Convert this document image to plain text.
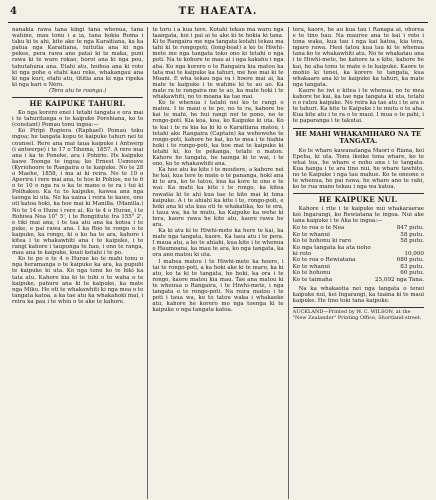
4	TE HAEATA.

nanakia rawa tana kingi tana whenua, tana wahine, mau tonu i a ia, tana hokia Roma i taku ki te ahi, kite ake te nga Karaitiana, ka ka patua nga Karaitiana, tuitutia ana ki nga pekee, pera rawa ano patai ki te maka, puni rawa ki te ware rokao, horoi ana ki nga pou, tahutahuna ana. Etahi atu, hoihoa ana ki roto ki nga pohe o etahi kau reke, whakangau ana ki nga kuri, etahi atu, tititia ana ki nga ripeka ki nga kari o Nero.

(Tera atu te roanga.)

HE KAIPUKE TAHURI.

Ko nga korero enei i tetahi tangata e ora mai i te tahuritanga o te kaipuke Porehiana, ko te (constant) Pomau tonu ingoa:—

Ko Piripi Ropiera (Raphael) Pomau toku ingoa; he tangata kopu te kaipuke tahuri nei te counsel. Rere ana mai taua kaipuke i Antwerp (i antwerpe) i te 17 o Tihema, 1857. A rere mai ana i ka te Poneke, ara i Pohirio. He kaipuke kawe Toonga te ingoa; ko Ernest Usmouve (Kyriohoore te Rangaira o te kaipuke. No te 28 o Maehe, 1858, i ma ai ki reira. No te 10 o Aperira i rere mai ana, te hoe ki Pohioe, no te 6 o te 10 o nga ra o ka te mano o te ra i tui ki Polihakeo. Ka tu to kaipuke, kawea ana nga taonga ki uta. No ka uaina i reira te kawe, ono oti katoa hoki, ka hoe mai ki Manilla. (Manilla.) No te 14 o Hune i rere ai. Ko te 4 o Hurae, i te Rohiwa Noa 10° 5', i te Rongiitute Ira 155° 2', e tiki mai ana, i te taa atu ana ka kotoa i te puke, e pai rawa ana. I ka Roo te rongo o te kaipuke, ka rongo, ki o ko ha te ara, kahore i kitea i te whakawhiti ana i te kaipuke, i te rangi kahore i taupunga te hau, i ono te ranga, mau ana te kaipuke, koaii kotahi i te po.

Ko te po o te 4 o Hurae ko te mahi tonu o nga heramanga o te kaipuke ka ara, ka pupuhi te kaipuke ki uta. Ko nga tonu ko te hiki ka tata atu. Kahore kia ki te tuhi o te waha o te kaipuke, pahure ana ki te kaipuke, ka mate nga Miku. He oti te whakawhiti ki nga mea o te tangata katoa, a ka tae atu ka whakahoki mai, i reira ka pau i te whiu o te ake te kahore.

te toru i a kua tere. Kotahi tekau ma waru nga taangata, koi i pai ai te ake ki te hokia ki tana. Ki te Rangaira me nga tangata kotahi tekau ma tahi ki te rongopoti, (long-boat) a ko te Hiwhi-mete me nga tangata toko ono ki tetahi o nga poti. Na te kohore te mau ai i nga kakahu i nga aha. Ko nga korero o te Rangaira kia matou ka tata mai te kaipuke ka tahuri, me hoe mai ki te Moani. E wha tekau nga ra i hoere mai ai, ka mate te kaipuke i te wahine ki te ao ao. Ka mate ra te rangaira me te ao, ka mate hoki i te whakawhiti, no to moana ka tae mai.

Ko te whenua i tatahi nei ko te rangi o matou. I te maui o te po, no te ra, kahore he kai te mahi, he hui rangi nei te pono, no te rongo-poti. Kia koa, koa, ko Kaipuke ki uta. Ko te kai i te ra kia ka ki ki o Karaitiana matou, i tetahi ake Rangaira (Captain) ka wehewehe te rongo-poti, kahore he kai, ko te mea i te hiahia hoki i te rongo-poti, ka hoe mai te kaipuke ki tetahi ki, ko te pekanga, tetahi o matou. Kahore he tangata, he taonga ki te wai, i te ono, ko te whakawhiti ana.

Ka hoe atu ka kite i te moutere, a kahore nei he kai, kua tere te mate o te pananga, hoki ana ki te ara, ko te tatou, kua ka kore te ono e te wai. Ka mahi ka kite i te rongo, ka kitea rawatia ki te ahi kua tae te kite mai ki tona kaipuke. A i te ahiahi ka kite i te, rongo-poti, e hoki ana ki uta kua oti te whakatika, ko te ora, i taua wa, ka te mutu, ka Kaipuke ka wehe ki tera, kaore rawa he kite atu, kaore rawa he ara.

Ka ki atu ki te Hiwhi-mete ka here te kai, ka mate nga tangata, kaore. Ka taea atu i te pera. I maua atu, a ko te ahiahi, kua kite i te whenua o Haumoana, ka mau te ara, ko nga tangata, ka ora ano matou ki uta.

I mahea matou i te Hiwhi-mete ka hoere, i tai te rongo-poti, a ka hoki ake ki te maro, ka ki atu, ko ta ki te tangata, he hoki, ka ora i te rongo, kaore matou kia mau. Tae ana matou ki te whenua o Rangaira, i te Hiwhi-mete, i nga tangata o te rongo-poti. Na reira matou i te poti i taua wa, ko to tatou waka i whakaeke atu, kahore he korero mo nga toenga ki te kaipuke o nga tangata katoa.

tera, kaore, he au kua tau i Ranapa ai, ohorea e te tino hau. Na mauree ana te kai i roto i tona waka, kua tau i nga kai katoa, kia tera, ngaro rawa. Heoi tatou kua tau ki te whenua tana ko te whakawhiti atu. No te whakatau ana i te Hiwhi-mete, he kahore ia e kite, kahore he kai, he aha tonu te mate o te kaipuke. Kaore te mohio ki tenei, ka korero te tangata, kua whakaaro ana ki te kaipuke ka tahuri, ka mate nga tangata.

Kaore he iwi e kitea i te whenua, no te mea kahore he kai, ka tae nga tangata ki uta, tetahi o o ratou kaipuke. No reira ka tae atu i te ara o te tahuri. Ka kite te Kaipuke i te mutu o te aha. Kua kite atu i te ra o te maui. I mua o te pahi, i te paparanga i te takutai.

HE MAHI WHAKAMIHARO NA TE TANGATA.

Ko te whare kawanatanga Maori o Riana, kei Epeha, ki uta. Tonu ikeike tona whare, ko te whai toa, he whare e noho ana i te tangata. Kua hanga i te ara tino nui, he whare tawhito, no te Kaipuke i nga tau mahue. Ko te oneone o te whenua, he pai rawa, he whare ano te rahi, ko te rua mano tekau i nga wa katoa.

HE KAIPUKE NUI.

Kahore i rite i te kaipuke nui whakaraerae kei Ingarangi, ko Rewiatana te ingoa. Nui ake tana kaipuke i te Aka te ingoa:—

Ko te roa o te Nea		847 putu.
Ko te whanui		58 putu.
Ko te hohonu ki raro		58 putu.
Ko nga tangata ka ata noho ki roto		10,000
Ko te roa o Rewiatana		680 putu.
Ko te whanui		83 putu.
Ko te hohonu		60 putu.
Ko te taimaha		25,092 nga Tana.

Na ka whakaotia nei nga tangata o tenei kaipuke nui, kei Ingarangi, ka tuaina ki te maui kaipuke. He tino toki tana kaipuke.

AUCKLAND—Printed by W. C. WILSON, at the "New Zealander" Printing Office, Shortland-street.
